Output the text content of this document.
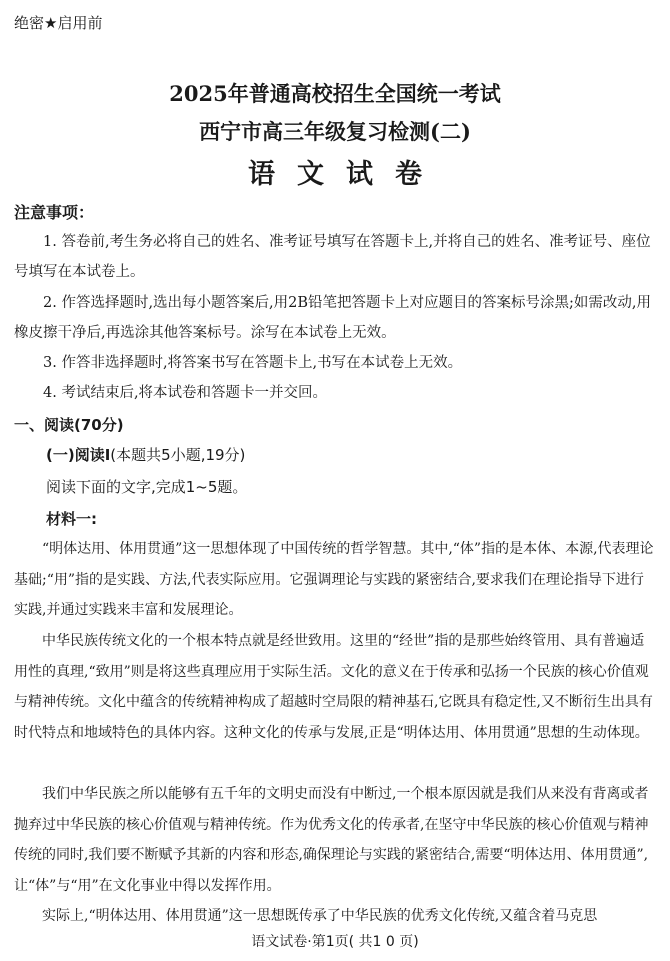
绝密★启用前
2025年普通高校招生全国统一考试
西宁市高三年级复习检测(二)
语文试卷
注意事项：
1. 答卷前,考生务必将自己的姓名、准考证号填写在答题卡上,并将自己的姓名、准考证号、座位号填写在本试卷上。
2. 作答选择题时,选出每小题答案后,用2B铅笔把答题卡上对应题目的答案标号涂黑;如需改动,用橡皮擦干净后,再选涂其他答案标号。涂写在本试卷上无效。
3. 作答非选择题时,将答案书写在答题卡上,书写在本试卷上无效。
4. 考试结束后,将本试卷和答题卡一并交回。
一、阅读(70分)
(一)阅读Ⅰ(本题共5小题,19分)
阅读下面的文字,完成1~5题。
材料一:
“明体达用、体用贯通”这一思想体现了中国传统的哲学智慧。其中,“体”指的是本体、本源,代表理论基础;“用”指的是实践、方法,代表实际应用。它强调理论与实践的紧密结合,要求我们在理论指导下进行实践,并通过实践来丰富和发展理论。
中华民族传统文化的一个根本特点就是经世致用。这里的“经世”指的是那些始终管用、具有普遍适用性的真理,“致用”则是将这些真理应用于实际生活。文化的意义在于传承和弘扬一个民族的核心价值观与精神传统。文化中蕴含的传统精神构成了超越时空局限的精神基石,它既具有稳定性,又不断衍生出具有时代特点和地域特色的具体内容。这种文化的传承与发展,正是“明体达用、体用贯通”思想的生动体现。
我们中华民族之所以能够有五千年的文明史而没有中断过,一个根本原因就是我们从来没有背离或者抛弃过中华民族的核心价值观与精神传统。作为优秀文化的传承者,在坚守中华民族的核心价值观与精神传统的同时,我们要不断赋予其新的内容和形态,确保理论与实践的紧密结合,需要“明体达用、体用贯通”,让“体”与“用”在文化事业中得以发挥作用。
实际上,“明体达用、体用贯通”这一思想既传承了中华民族的优秀文化传统,又蕴含着马克思
语文试卷·第1页( 共1 0 页)
